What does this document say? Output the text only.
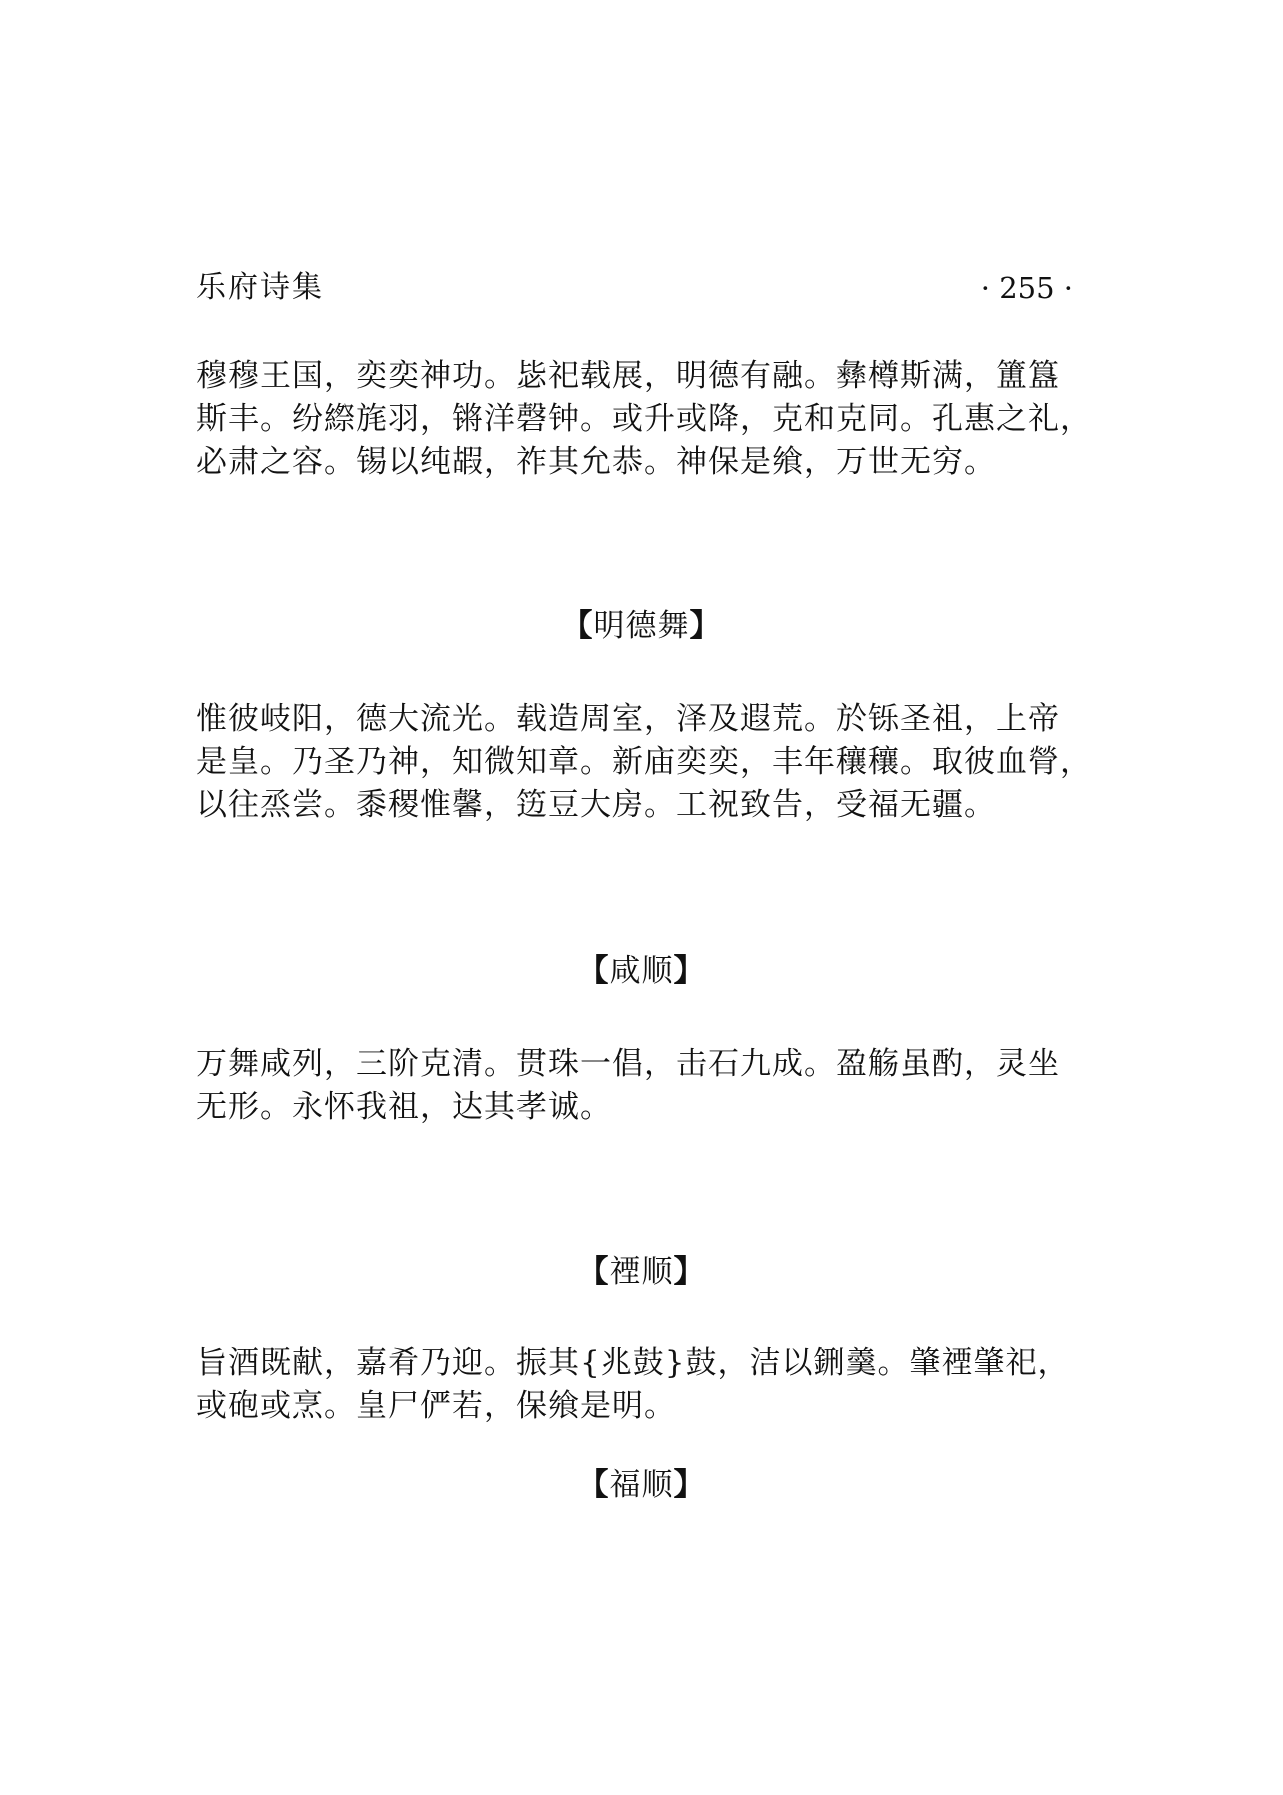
乐府诗集	· 255 ·

穆穆王国，奕奕神功。毖祀载展，明德有融。彝樽斯满，簠簋
斯丰。纷縩旄羽，锵洋磬钟。或升或降，克和克同。孔惠之礼，
必肃之容。锡以纯嘏，祚其允恭。神保是飨，万世无穷。

【明德舞】

惟彼岐阳，德大流光。载造周室，泽及遐荒。於铄圣祖，上帝
是皇。乃圣乃神，知微知章。新庙奕奕，丰年穰穰。取彼血膋，
以往烝尝。黍稷惟馨，笾豆大房。工祝致告，受福无疆。

【咸顺】

万舞咸列，三阶克清。贯珠一倡，击石九成。盈觞虽酌，灵坐
无形。永怀我祖，达其孝诚。

【禋顺】

旨酒既献，嘉肴乃迎。振其{兆鼓}鼓，洁以鉶羹。肇禋肇祀，
或砲或烹。皇尸俨若，保飨是明。

【福顺】
